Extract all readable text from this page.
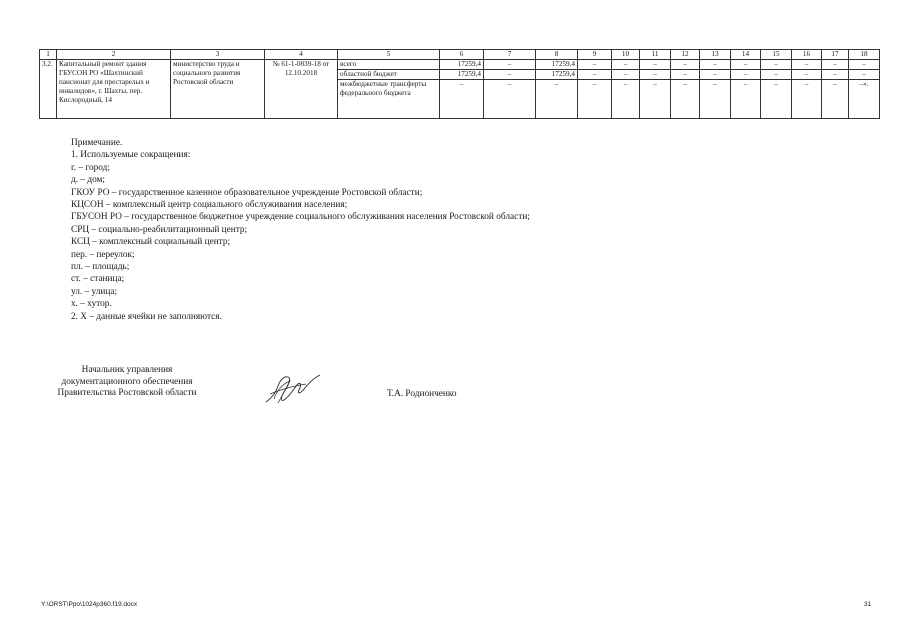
1	2	3	4	5	6	7	8	9	10	11	12	13	14	15	16	17	18
3.2.	Капитальный ремонт здания ГБУСОН РО «Шахтинский пансионат для престарелых и инвалидов», г. Шахты, пер. Кислородный, 14	министерство труда и социального развития Ростовской области	№ 61-1-0839-18 от 12.10.2018	всего	17259,4	–	17259,4	–	–	–	–	–	–	–	–	–	–
				областной бюджет	17259,4	–	17259,4	–	–	–	–	–	–	–	–	–	–
				межбюджетные трансферты федерального бюджета	–	–	–	–	–	–	–	–	–	–	–	–	–».
Примечание.
1. Используемые сокращения:
г. – город;
д. – дом;
ГКОУ РО – государственное казенное образовательное учреждение Ростовской области;
КЦСОН – комплексный центр социального обслуживания населения;
ГБУСОН РО – государственное бюджетное учреждение социального обслуживания населения Ростовской области;
СРЦ – социально-реабилитационный центр;
КСЦ – комплексный социальный центр;
пер. – переулок;
пл. – площадь;
ст. – станица;
ул. – улица;
х. – хутор.
2. Х – данные ячейки не заполняются.
Начальник управления
документационного обеспечения
Правительства Ростовской области	Т.А. Родионченко
Y:\ORST\Ppo\1024p360.f19.docx	31
